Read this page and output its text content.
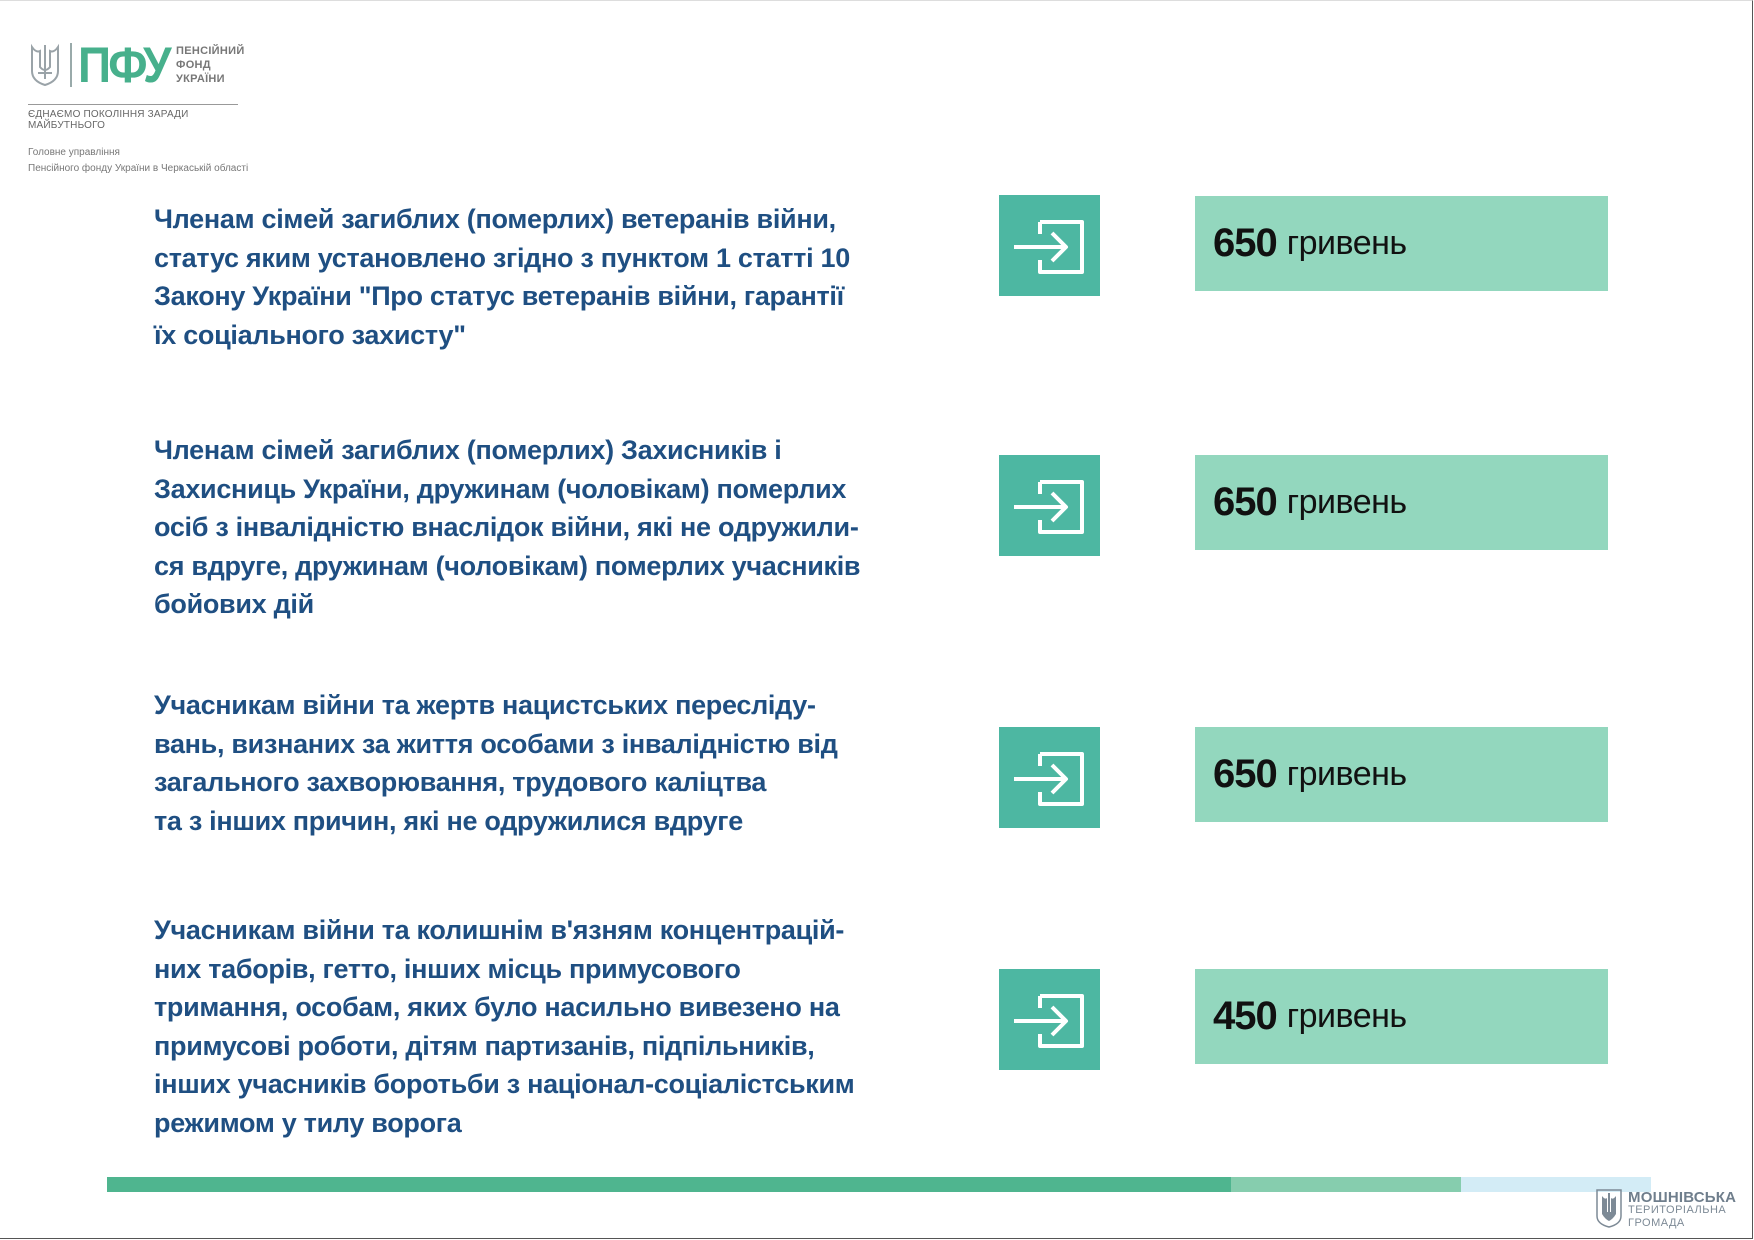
ПФУ ПЕНСІЙНИЙ
ФОНД
УКРАЇНИ
ЄДНАЄМО ПОКОЛІННЯ ЗАРАДИ МАЙБУТНЬОГО
Головне управління
Пенсійного фонду України в Черкаській області
Членам сімей загиблих (померлих) ветеранів війни,
статус яким установлено згідно з пунктом 1 статті 10
Закону України "Про статус ветеранів війни, гарантії
їх соціального захисту"
650 гривень
Членам сімей загиблих (померлих) Захисників і
Захисниць України, дружинам (чоловікам) померлих
осіб з інвалідністю внаслідок війни, які не одружили-
ся вдруге, дружинам (чоловікам) померлих учасників
бойових дій
650 гривень
Учасникам війни та жертв нацистських пересліду-
вань, визнаних за життя особами з інвалідністю від
загального захворювання, трудового каліцтва
та з інших причин, які не одружилися вдруге
650 гривень
Учасникам війни та колишнім в'язням концентрацій-
них таборів, гетто, інших місць примусового
тримання, особам, яких було насильно вивезено на
примусові роботи, дітям партизанів, підпільників,
інших учасників боротьби з націонал-соціалістським
режимом у тилу ворога
450 гривень
МОШНІВСЬКА
ТЕРИТОРІАЛЬНА
ГРОМАДА
